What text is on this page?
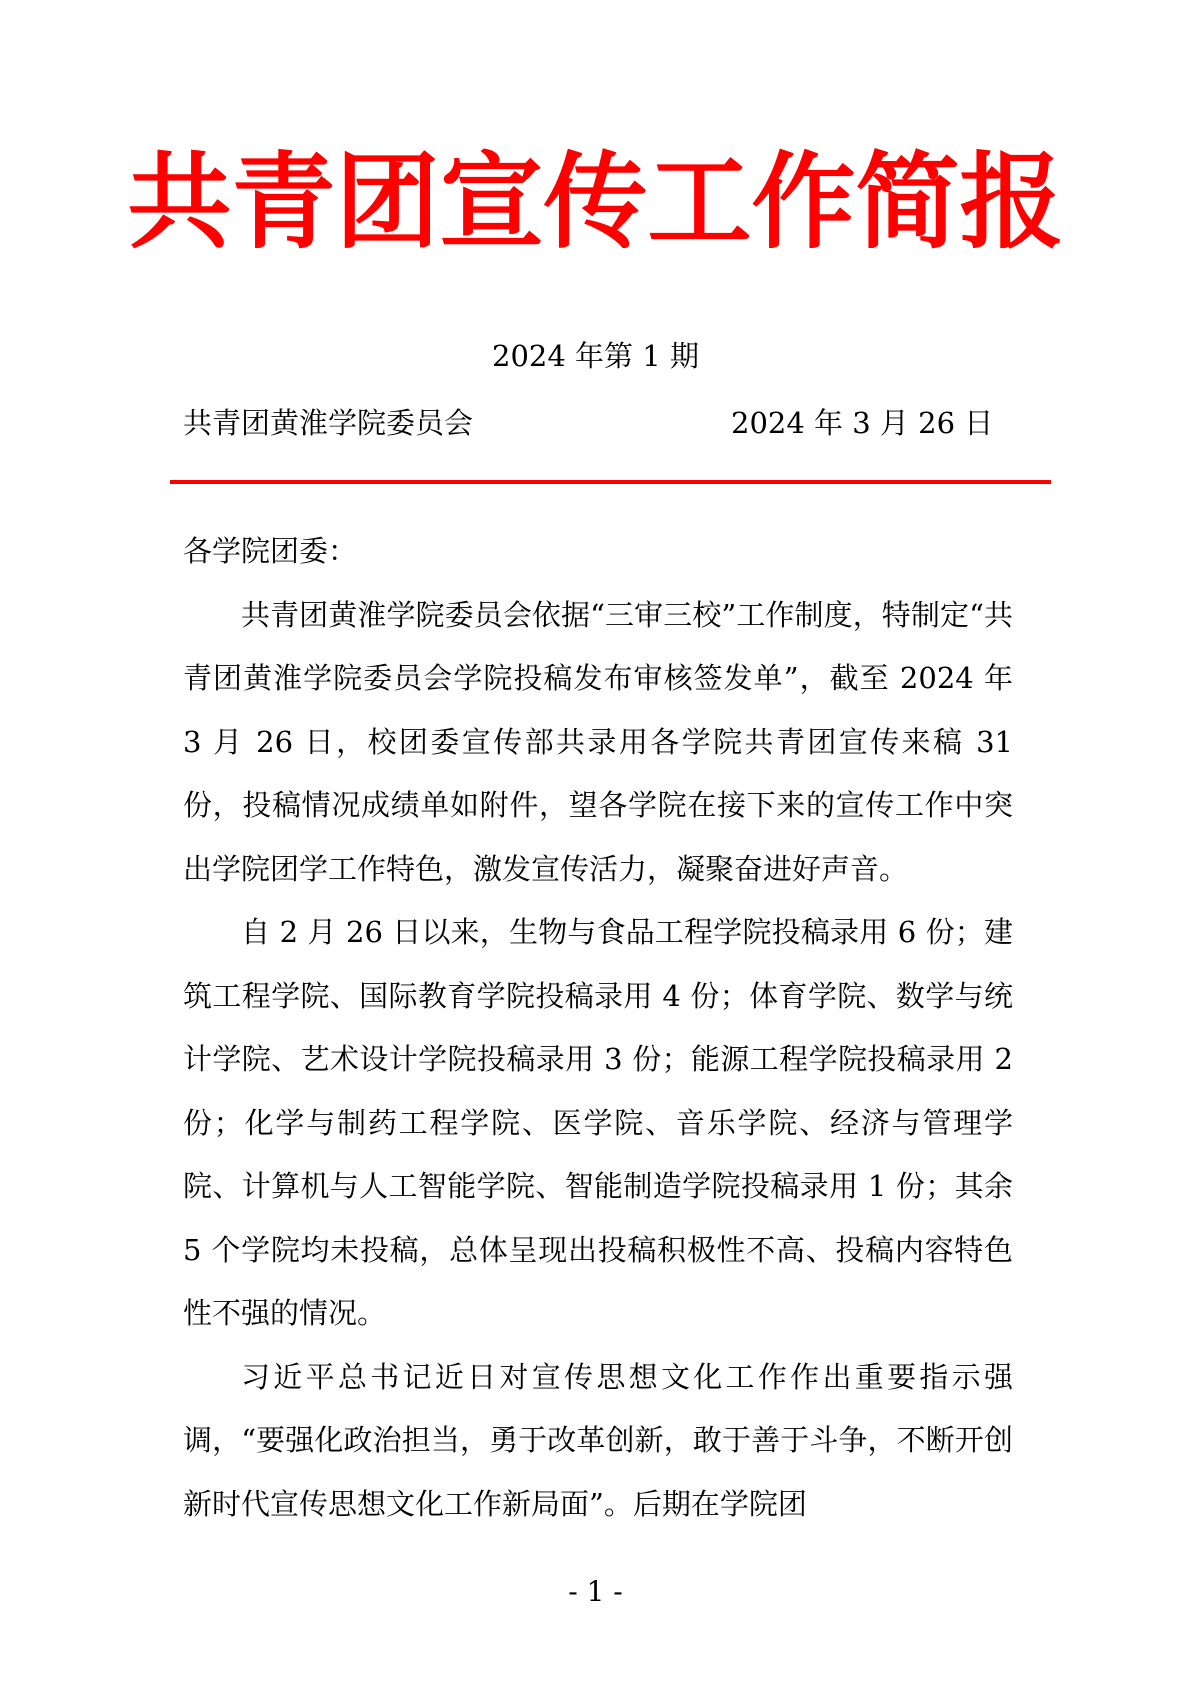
共青团宣传工作简报
2024 年第 1 期
共青团黄淮学院委员会	2024 年 3 月 26 日

各学院团委：

共青团黄淮学院委员会依据“三审三校”工作制度，特制定“共青团黄淮学院委员会学院投稿发布审核签发单”，截至 2024 年 3 月 26 日，校团委宣传部共录用各学院共青团宣传来稿 31 份，投稿情况成绩单如附件，望各学院在接下来的宣传工作中突出学院团学工作特色，激发宣传活力，凝聚奋进好声音。

自 2 月 26 日以来，生物与食品工程学院投稿录用 6 份；建筑工程学院、国际教育学院投稿录用 4 份；体育学院、数学与统计学院、艺术设计学院投稿录用 3 份；能源工程学院投稿录用 2 份；化学与制药工程学院、医学院、音乐学院、经济与管理学院、计算机与人工智能学院、智能制造学院投稿录用 1 份；其余 5 个学院均未投稿，总体呈现出投稿积极性不高、投稿内容特色性不强的情况。

习近平总书记近日对宣传思想文化工作作出重要指示强调，“要强化政治担当，勇于改革创新，敢于善于斗争，不断开创新时代宣传思想文化工作新局面”。后期在学院团

- 1 -
